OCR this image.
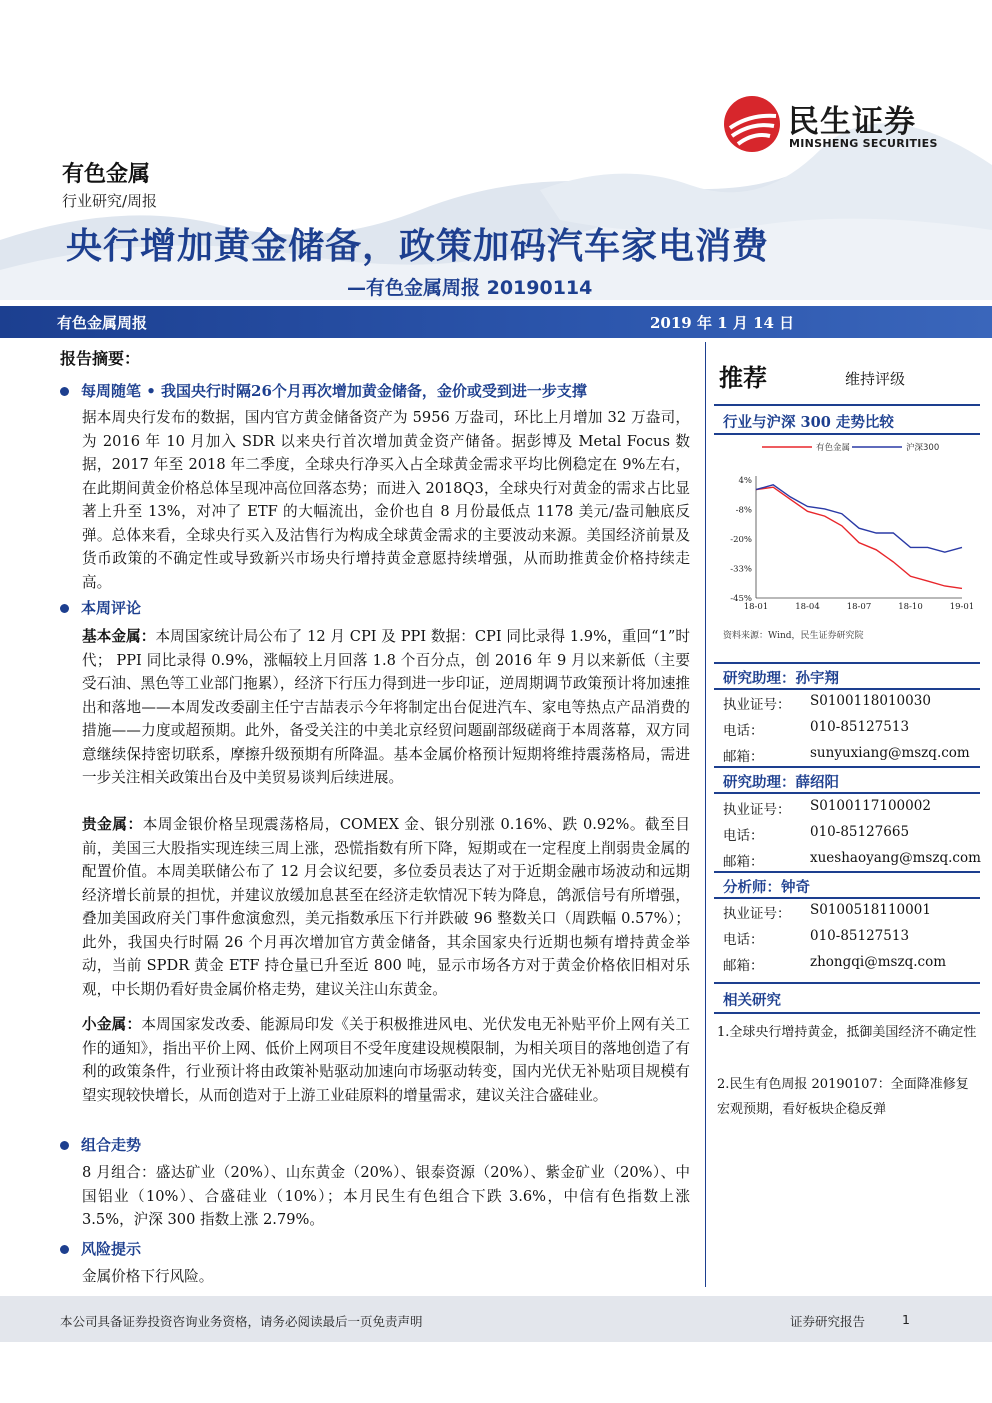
民生证券
MINSHENG SECURITIES
有色金属
行业研究/周报
央行增加黄金储备，政策加码汽车家电消费
—有色金属周报 20190114
有色金属周报	2019 年 1 月 14 日
报告摘要：
每周随笔 • 我国央行时隔26个月再次增加黄金储备，金价或受到进一步支撑
据本周央行发布的数据，国内官方黄金储备资产为 5956 万盎司，环比上月增加 32 万盎司，为 2016 年 10 月加入 SDR 以来央行首次增加黄金资产储备。据彭博及 Metal Focus 数据，2017 年至 2018 年二季度，全球央行净买入占全球黄金需求平均比例稳定在 9%左右，在此期间黄金价格总体呈现冲高位回落态势；而进入 2018Q3，全球央行对黄金的需求占比显著上升至 13%，对冲了 ETF 的大幅流出，金价也自 8 月份最低点 1178 美元/盎司触底反弹。总体来看，全球央行买入及沽售行为构成全球黄金需求的主要波动来源。美国经济前景及货币政策的不确定性或导致新兴市场央行增持黄金意愿持续增强，从而助推黄金价格持续走高。
本周评论
基本金属：本周国家统计局公布了 12 月 CPI 及 PPI 数据：CPI 同比录得 1.9%，重回“1”时代； PPI 同比录得 0.9%，涨幅较上月回落 1.8 个百分点，创 2016 年 9 月以来新低（主要受石油、黑色等工业部门拖累），经济下行压力得到进一步印证，逆周期调节政策预计将加速推出和落地——本周发改委副主任宁吉喆表示今年将制定出台促进汽车、家电等热点产品消费的措施——力度或超预期。此外，备受关注的中美北京经贸问题副部级磋商于本周落幕，双方同意继续保持密切联系，摩擦升级预期有所降温。基本金属价格预计短期将维持震荡格局，需进一步关注相关政策出台及中美贸易谈判后续进展。
贵金属：本周金银价格呈现震荡格局，COMEX 金、银分别涨 0.16%、跌 0.92%。截至目前，美国三大股指实现连续三周上涨，恐慌指数有所下降，短期或在一定程度上削弱贵金属的配置价值。本周美联储公布了 12 月会议纪要，多位委员表达了对于近期金融市场波动和远期经济增长前景的担忧，并建议放缓加息甚至在经济走软情况下转为降息，鸽派信号有所增强，叠加美国政府关门事件愈演愈烈，美元指数承压下行并跌破 96 整数关口（周跌幅 0.57%）；此外，我国央行时隔 26 个月再次增加官方黄金储备，其余国家央行近期也频有增持黄金举动，当前 SPDR 黄金 ETF 持仓量已升至近 800 吨，显示市场各方对于黄金价格依旧相对乐观，中长期仍看好贵金属价格走势，建议关注山东黄金。
小金属：本周国家发改委、能源局印发《关于积极推进风电、光伏发电无补贴平价上网有关工作的通知》，指出平价上网、低价上网项目不受年度建设规模限制，为相关项目的落地创造了有利的政策条件，行业预计将由政策补贴驱动加速向市场驱动转变，国内光伏无补贴项目规模有望实现较快增长，从而创造对于上游工业硅原料的增量需求，建议关注合盛硅业。
组合走势
8 月组合：盛达矿业（20%）、山东黄金（20%）、银泰资源（20%）、紫金矿业（20%）、中国铝业（10%）、合盛硅业（10%）；本月民生有色组合下跌 3.6%，中信有色指数上涨 3.5%，沪深 300 指数上涨 2.79%。
风险提示
金属价格下行风险。
推荐	维持评级
行业与沪深 300 走势比较
有色金属	沪深300
4%
-8%
-20%
-33%
-45%
18-01	18-04	18-07	18-10	19-01
资料来源：Wind，民生证券研究院
研究助理：孙宇翔
执业证号： S0100118010030
电话：	010-85127513
邮箱：	sunyuxiang@mszq.com
研究助理：薛绍阳
执业证号： S0100117100002
电话：	010-85127665
邮箱：	xueshaoyang@mszq.com
分析师：钟奇
执业证号： S0100518110001
电话：	010-85127513
邮箱：	zhongqi@mszq.com
相关研究
1.全球央行增持黄金，抵御美国经济不确定性
2.民生有色周报 20190107：全面降准修复宏观预期，看好板块企稳反弹
本公司具备证券投资咨询业务资格，请务必阅读最后一页免责声明	证券研究报告	1
